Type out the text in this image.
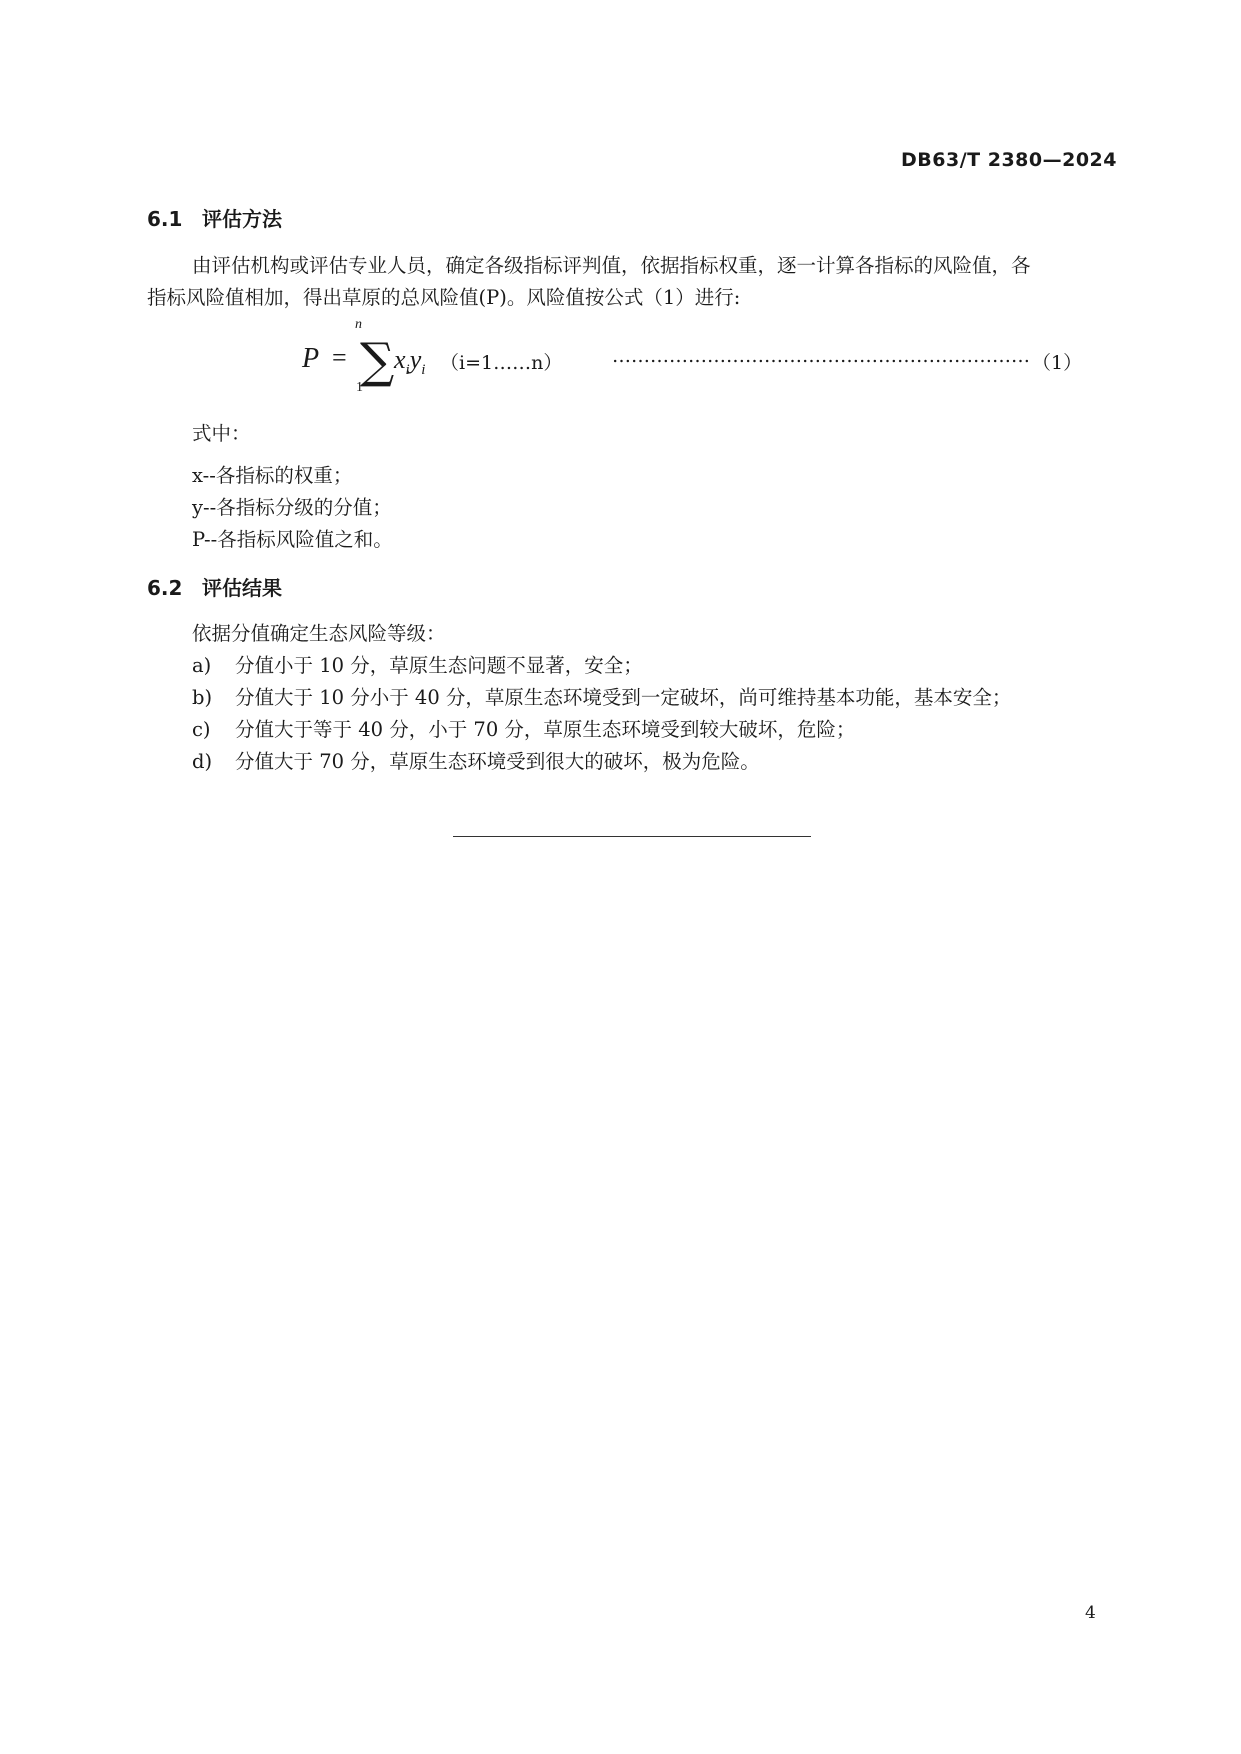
DB63/T 2380—2024
6.1 评估方法
由评估机构或评估专业人员，确定各级指标评判值，依据指标权重，逐一计算各指标的风险值，各
指标风险值相加，得出草原的总风险值(P)。风险值按公式（1）进行:
P =
n
∑
1
$x_iy_i$ （i=1……n）	………………………………………………………… （1）
式中：
x--各指标的权重；
y--各指标分级的分值；
P--各指标风险值之和。
6.2 评估结果
依据分值确定生态风险等级：
a) 分值小于 10 分，草原生态问题不显著，安全；
b) 分值大于 10 分小于 40 分，草原生态环境受到一定破坏，尚可维持基本功能，基本安全；
c) 分值大于等于 40 分，小于 70 分，草原生态环境受到较大破坏，危险；
d) 分值大于 70 分，草原生态环境受到很大的破坏，极为危险。
4
